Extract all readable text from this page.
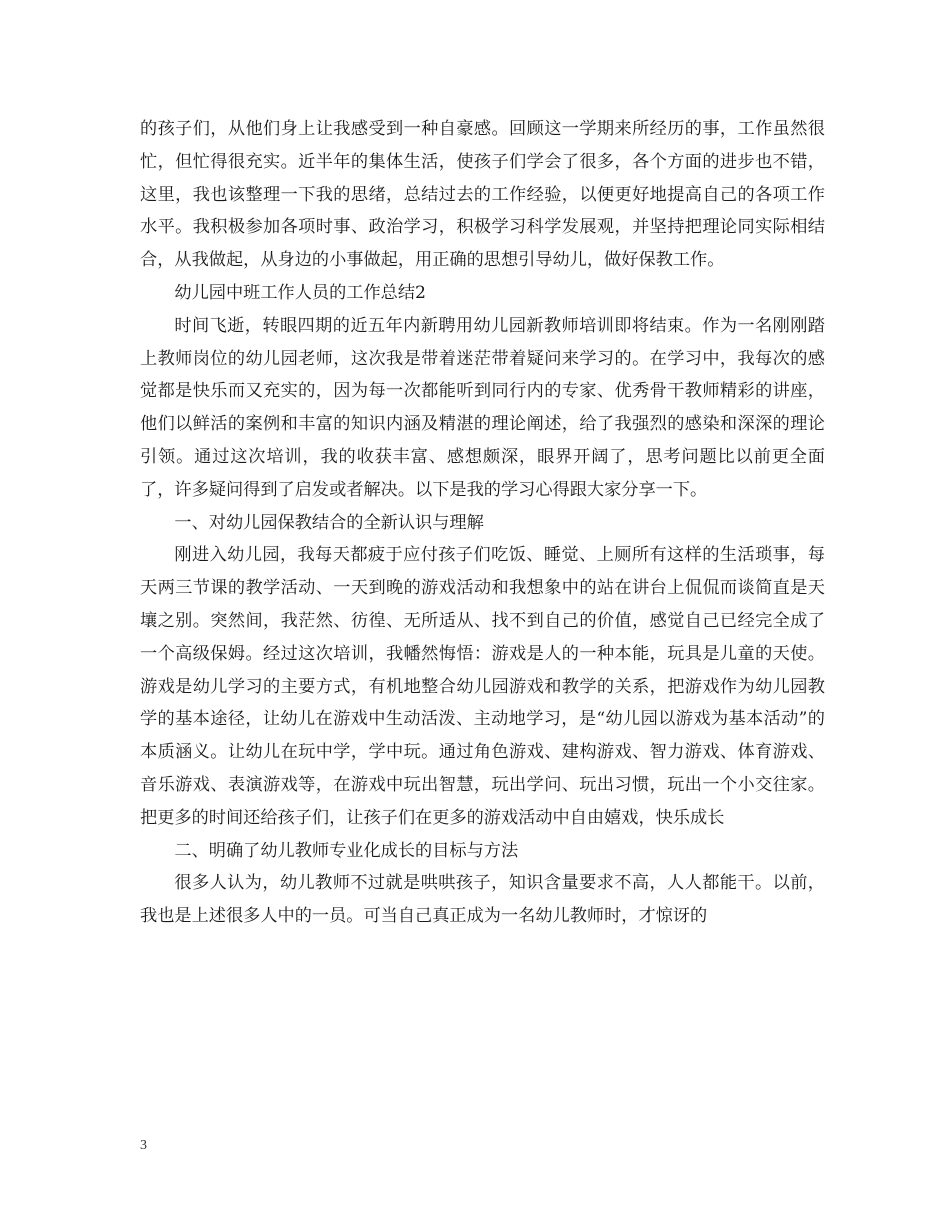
的孩子们，从他们身上让我感受到一种自豪感。回顾这一学期来所经历的事，工作虽然很忙，但忙得很充实。近半年的集体生活，使孩子们学会了很多，各个方面的进步也不错，这里，我也该整理一下我的思绪，总结过去的工作经验，以便更好地提高自己的各项工作水平。我积极参加各项时事、政治学习，积极学习科学发展观，并坚持把理论同实际相结合，从我做起，从身边的小事做起，用正确的思想引导幼儿，做好保教工作。

幼儿园中班工作人员的工作总结2

时间飞逝，转眼四期的近五年内新聘用幼儿园新教师培训即将结束。作为一名刚刚踏上教师岗位的幼儿园老师，这次我是带着迷茫带着疑问来学习的。在学习中，我每次的感觉都是快乐而又充实的，因为每一次都能听到同行内的专家、优秀骨干教师精彩的讲座，他们以鲜活的案例和丰富的知识内涵及精湛的理论阐述，给了我强烈的感染和深深的理论引领。通过这次培训，我的收获丰富、感想颇深，眼界开阔了，思考问题比以前更全面了，许多疑问得到了启发或者解决。以下是我的学习心得跟大家分享一下。

一、对幼儿园保教结合的全新认识与理解

刚进入幼儿园，我每天都疲于应付孩子们吃饭、睡觉、上厕所有这样的生活琐事，每天两三节课的教学活动、一天到晚的游戏活动和我想象中的站在讲台上侃侃而谈简直是天壤之别。突然间，我茫然、彷徨、无所适从、找不到自己的价值，感觉自己已经完全成了一个高级保姆。经过这次培训，我幡然悔悟：游戏是人的一种本能，玩具是儿童的天使。游戏是幼儿学习的主要方式，有机地整合幼儿园游戏和教学的关系，把游戏作为幼儿园教学的基本途径，让幼儿在游戏中生动活泼、主动地学习，是“幼儿园以游戏为基本活动”的本质涵义。让幼儿在玩中学，学中玩。通过角色游戏、建构游戏、智力游戏、体育游戏、音乐游戏、表演游戏等，在游戏中玩出智慧，玩出学问、玩出习惯，玩出一个小交往家。把更多的时间还给孩子们，让孩子们在更多的游戏活动中自由嬉戏，快乐成长

二、明确了幼儿教师专业化成长的目标与方法

很多人认为，幼儿教师不过就是哄哄孩子，知识含量要求不高，人人都能干。以前，我也是上述很多人中的一员。可当自己真正成为一名幼儿教师时，才惊讶的

3
